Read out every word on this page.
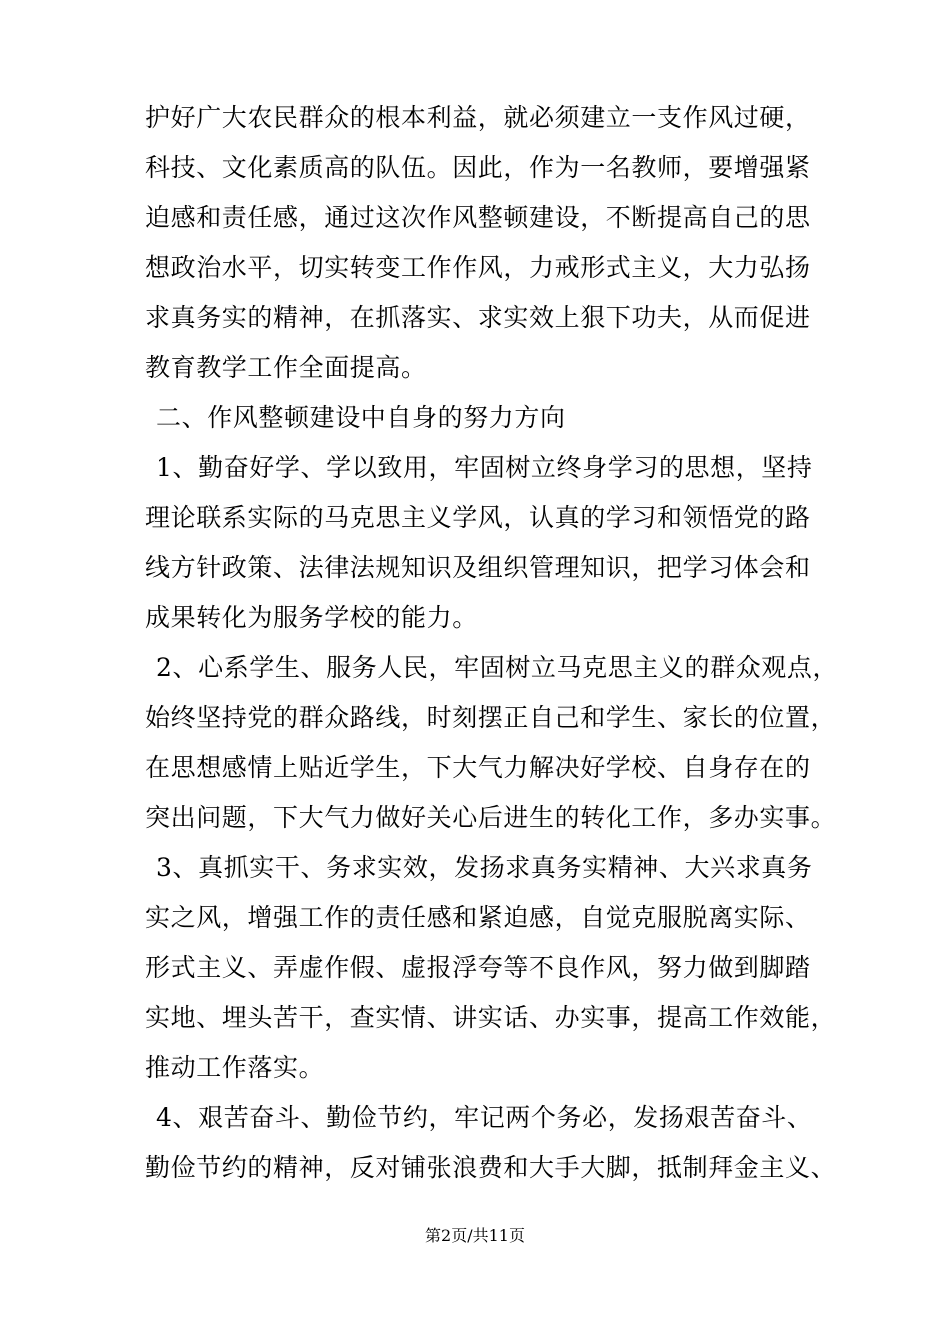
护好广大农民群众的根本利益，就必须建立一支作风过硬，
科技、文化素质高的队伍。因此，作为一名教师，要增强紧
迫感和责任感，通过这次作风整顿建设，不断提高自己的思
想政治水平，切实转变工作作风，力戒形式主义，大力弘扬
求真务实的精神，在抓落实、求实效上狠下功夫，从而促进
教育教学工作全面提高。
二、作风整顿建设中自身的努力方向
1、勤奋好学、学以致用，牢固树立终身学习的思想，坚持
理论联系实际的马克思主义学风，认真的学习和领悟党的路
线方针政策、法律法规知识及组织管理知识，把学习体会和
成果转化为服务学校的能力。
2、心系学生、服务人民，牢固树立马克思主义的群众观点，
始终坚持党的群众路线，时刻摆正自己和学生、家长的位置，
在思想感情上贴近学生，下大气力解决好学校、自身存在的
突出问题，下大气力做好关心后进生的转化工作，多办实事。
3、真抓实干、务求实效，发扬求真务实精神、大兴求真务
实之风，增强工作的责任感和紧迫感，自觉克服脱离实际、
形式主义、弄虚作假、虚报浮夸等不良作风，努力做到脚踏
实地、埋头苦干，查实情、讲实话、办实事，提高工作效能，
推动工作落实。
4、艰苦奋斗、勤俭节约，牢记两个务必，发扬艰苦奋斗、
勤俭节约的精神，反对铺张浪费和大手大脚，抵制拜金主义、
第2页/共11页
